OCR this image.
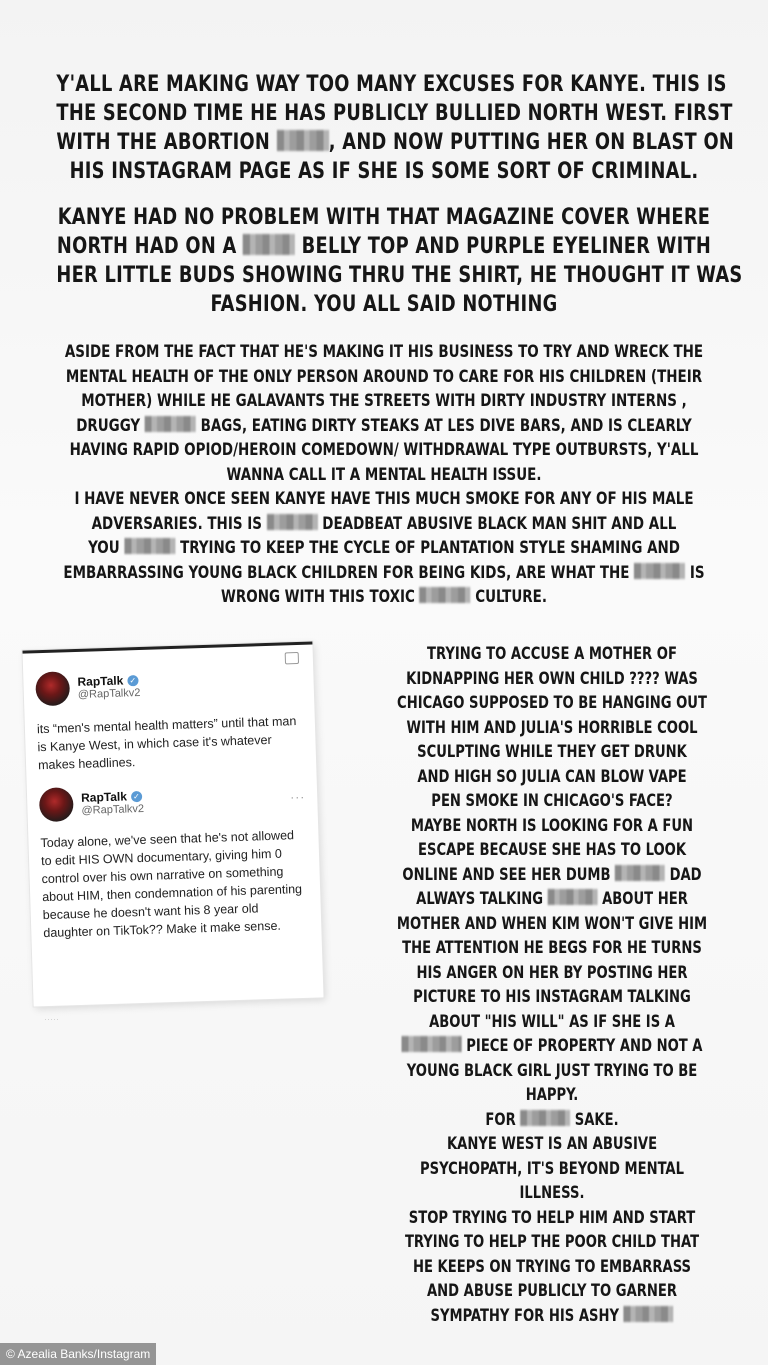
Y'ALL ARE MAKING WAY TOO MANY EXCUSES FOR KANYE. THIS IS
THE SECOND TIME HE HAS PUBLICLY BULLIED NORTH WEST. FIRST
WITH THE ABORTION , AND NOW PUTTING HER ON BLAST ON
HIS INSTAGRAM PAGE AS IF SHE IS SOME SORT OF CRIMINAL.
KANYE HAD NO PROBLEM WITH THAT MAGAZINE COVER WHERE
NORTH HAD ON A  BELLY TOP AND PURPLE EYELINER WITH
HER LITTLE BUDS SHOWING THRU THE SHIRT, HE THOUGHT IT WAS
FASHION. YOU ALL SAID NOTHING
ASIDE FROM THE FACT THAT HE'S MAKING IT HIS BUSINESS TO TRY AND WRECK THE
MENTAL HEALTH OF THE ONLY PERSON AROUND TO CARE FOR HIS CHILDREN (THEIR
MOTHER) WHILE HE GALAVANTS THE STREETS WITH DIRTY INDUSTRY INTERNS ,
DRUGGY	BAGS, EATING DIRTY STEAKS AT LES DIVE BARS, AND IS CLEARLY
HAVING RAPID OPIOD/HEROIN COMEDOWN/ WITHDRAWAL TYPE OUTBURSTS, Y'ALL
WANNA CALL IT A MENTAL HEALTH ISSUE.
I HAVE NEVER ONCE SEEN KANYE HAVE THIS MUCH SMOKE FOR ANY OF HIS MALE
ADVERSARIES. THIS IS	DEADBEAT ABUSIVE BLACK MAN SHIT AND ALL
YOU	TRYING TO KEEP THE CYCLE OF PLANTATION STYLE SHAMING AND
EMBARRASSING YOUNG BLACK CHILDREN FOR BEING KIDS, ARE WHAT THE	IS
WRONG WITH THIS TOXIC	CULTURE.
TRYING TO ACCUSE A MOTHER OF
KIDNAPPING HER OWN CHILD ???? WAS
CHICAGO SUPPOSED TO BE HANGING OUT
WITH HIM AND JULIA'S HORRIBLE COOL
SCULPTING WHILE THEY GET DRUNK
AND HIGH SO JULIA CAN BLOW VAPE
PEN SMOKE IN CHICAGO'S FACE?
MAYBE NORTH IS LOOKING FOR A FUN
ESCAPE BECAUSE SHE HAS TO LOOK
ONLINE AND SEE HER DUMB	DAD
ALWAYS TALKING	ABOUT HER
MOTHER AND WHEN KIM WON'T GIVE HIM
THE ATTENTION HE BEGS FOR HE TURNS
HIS ANGER ON HER BY POSTING HER
PICTURE TO HIS INSTAGRAM TALKING
ABOUT "HIS WILL" AS IF SHE IS A
PIECE OF PROPERTY AND NOT A
YOUNG BLACK GIRL JUST TRYING TO BE
HAPPY.
FOR	SAKE.
KANYE WEST IS AN ABUSIVE
PSYCHOPATH, IT'S BEYOND MENTAL
ILLNESS.
STOP TRYING TO HELP HIM AND START
TRYING TO HELP THE POOR CHILD THAT
HE KEEPS ON TRYING TO EMBARRASS
AND ABUSE PUBLICLY TO GARNER
SYMPATHY FOR HIS ASHY
RapTalk ✓
@RapTalkv2
its “men's mental health matters” until that man is Kanye West, in which case it's whatever makes headlines.
RapTalk ✓
@RapTalkv2
···
Today alone, we've seen that he's not allowed to edit HIS OWN documentary, giving him 0 control over his own narrative on something about HIM, then condemnation of his parenting because he doesn't want his 8 year old daughter on TikTok?? Make it make sense.
·····
© Azealia Banks/Instagram
